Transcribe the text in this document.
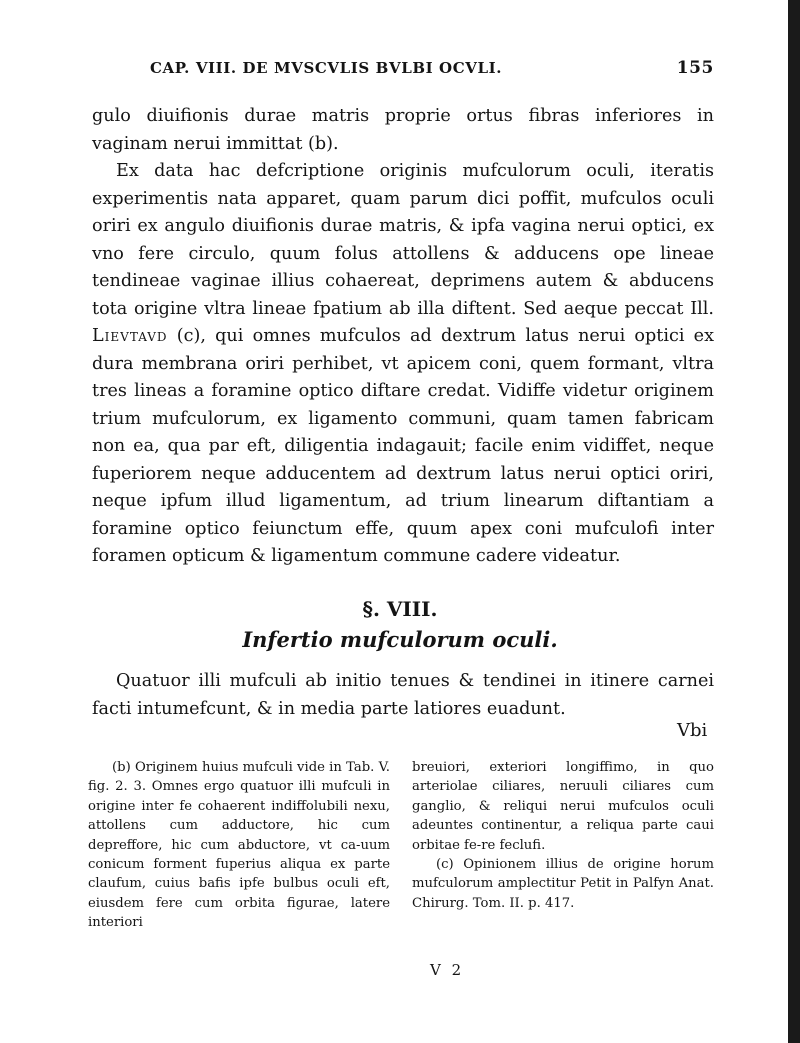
CAP. VIII. DE MVSCVLIS BVLBI OCVLI.	155

gulo diuifionis durae matris proprie ortus fibras inferiores in vaginam nerui immittat (b).

Ex data hac defcriptione originis mufculorum oculi, iteratis experimentis nata apparet, quam parum dici poffit, mufculos oculi oriri ex angulo diuifionis durae matris, & ipfa vagina nerui optici, ex vno fere circulo, quum folus attollens & adducens ope lineae tendineae vaginae illius cohaereat, deprimens autem & abducens tota origine vltra lineae fpatium ab illa diftent. Sed aeque peccat Ill. Lievtavd (c), qui omnes mufculos ad dextrum latus nerui optici ex dura membrana oriri perhibet, vt apicem coni, quem formant, vltra tres lineas a foramine optico diftare credat. Vidiffe videtur originem trium mufculorum, ex ligamento communi, quam tamen fabricam non ea, qua par eft, diligentia indagauit; facile enim vidiffet, neque fuperiorem neque adducentem ad dextrum latus nerui optici oriri, neque ipfum illud ligamentum, ad trium linearum diftantiam a foramine optico feiunctum effe, quum apex coni mufculofi inter foramen opticum & ligamentum commune cadere videatur.

§. VIII.
Infertio mufculorum oculi.

Quatuor illi mufculi ab initio tenues & tendinei in itinere carnei facti intumefcunt, & in media parte latiores euadunt.

Vbi

(b) Originem huius mufculi vide in Tab. V. fig. 2. 3. Omnes ergo quatuor illi mufculi in origine inter fe cohaerent indiffolubili nexu, attollens cum adductore, hic cum depreffore, hic cum abductore, vt ca-uum conicum forment fuperius aliqua ex parte claufum, cuius bafis ipfe bulbus oculi eft, eiusdem fere cum orbita figurae, latere interiori

breuiori, exteriori longiffimo, in quo arteriolae ciliares, neruuli ciliares cum ganglio, & reliqui nerui mufculos oculi adeuntes continentur, a reliqua parte caui orbitae fe-re feclufi.

(c) Opinionem illius de origine horum mufculorum amplectitur Petit in Palfyn Anat. Chirurg. Tom. II. p. 417.

V 2
